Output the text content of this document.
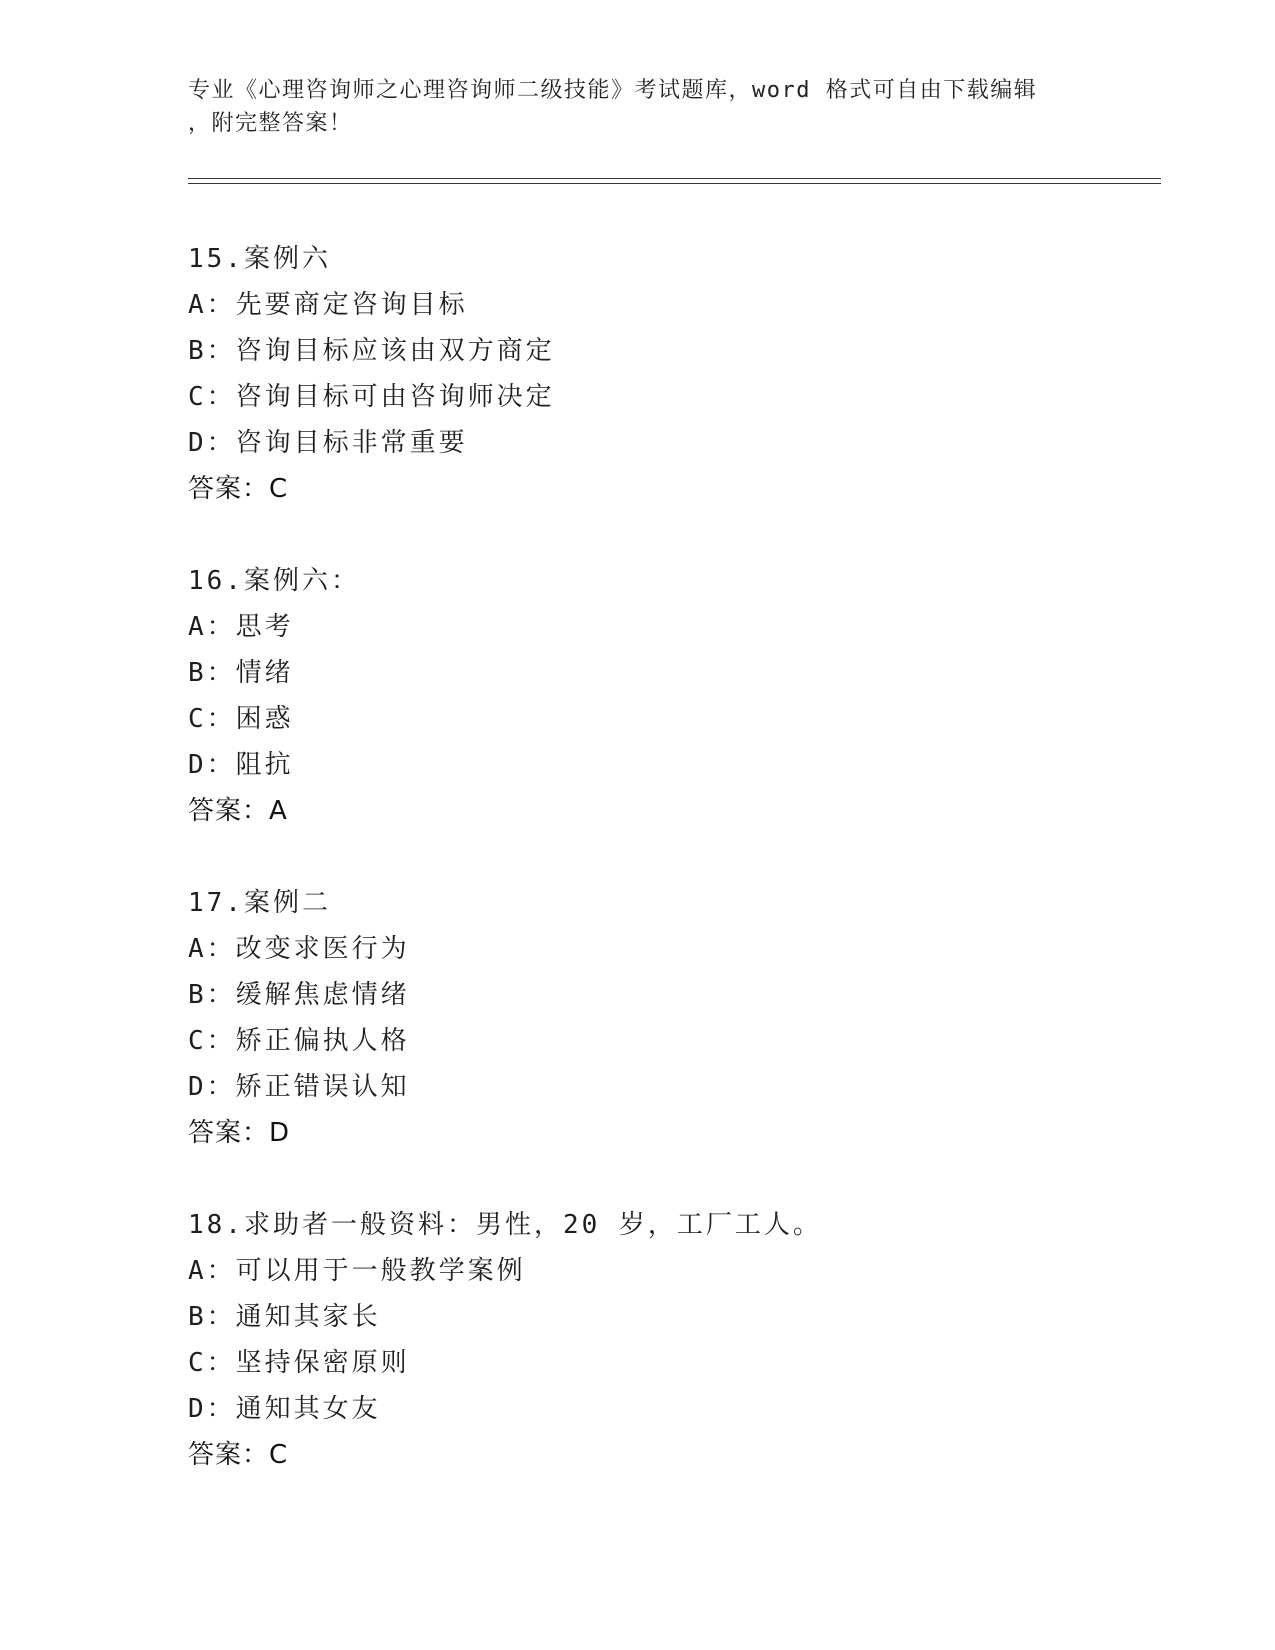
专业《心理咨询师之心理咨询师二级技能》考试题库，word 格式可自由下载编辑
，附完整答案！
15.案例六
A：先要商定咨询目标
B：咨询目标应该由双方商定
C：咨询目标可由咨询师决定
D：咨询目标非常重要
答案：C
16.案例六：
A：思考
B：情绪
C：困惑
D：阻抗
答案：A
17.案例二
A：改变求医行为
B：缓解焦虑情绪
C：矫正偏执人格
D：矫正错误认知
答案：D
18.求助者一般资料：男性，20 岁，工厂工人。
A：可以用于一般教学案例
B：通知其家长
C：坚持保密原则
D：通知其女友
答案：C
